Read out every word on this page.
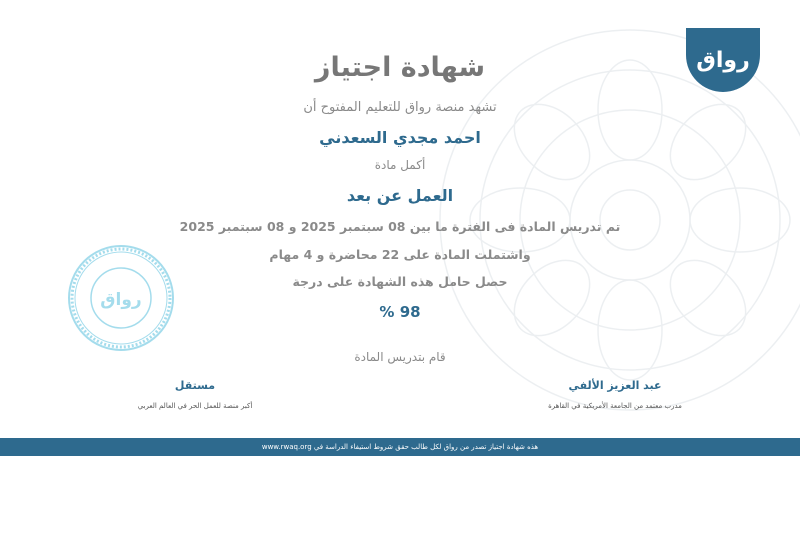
رواق
شهادة اجتياز
تشهد منصة رواق للتعليم المفتوح أن
احمد مجدي السعدني
أكمل مادة
العمل عن بعد
تم تدريس المادة فى الفترة ما بين 08 سبتمبر 2025 و 08 سبتمبر 2025
واشتملت المادة على 22 محاضرة و 4 مهام
حصل حامل هذه الشهادة على درجة
98 %
قام بتدريس المادة
رواق
عبد العزيز الألفي
مدرب معتمد من الجامعة الأمريكية في القاهرة
مستقل
أكبر منصة للعمل الحر في العالم العربي
هذه شهادة اجتياز تصدر من رواق لكل طالب حقق شروط استيفاء الدراسة في www.rwaq.org
